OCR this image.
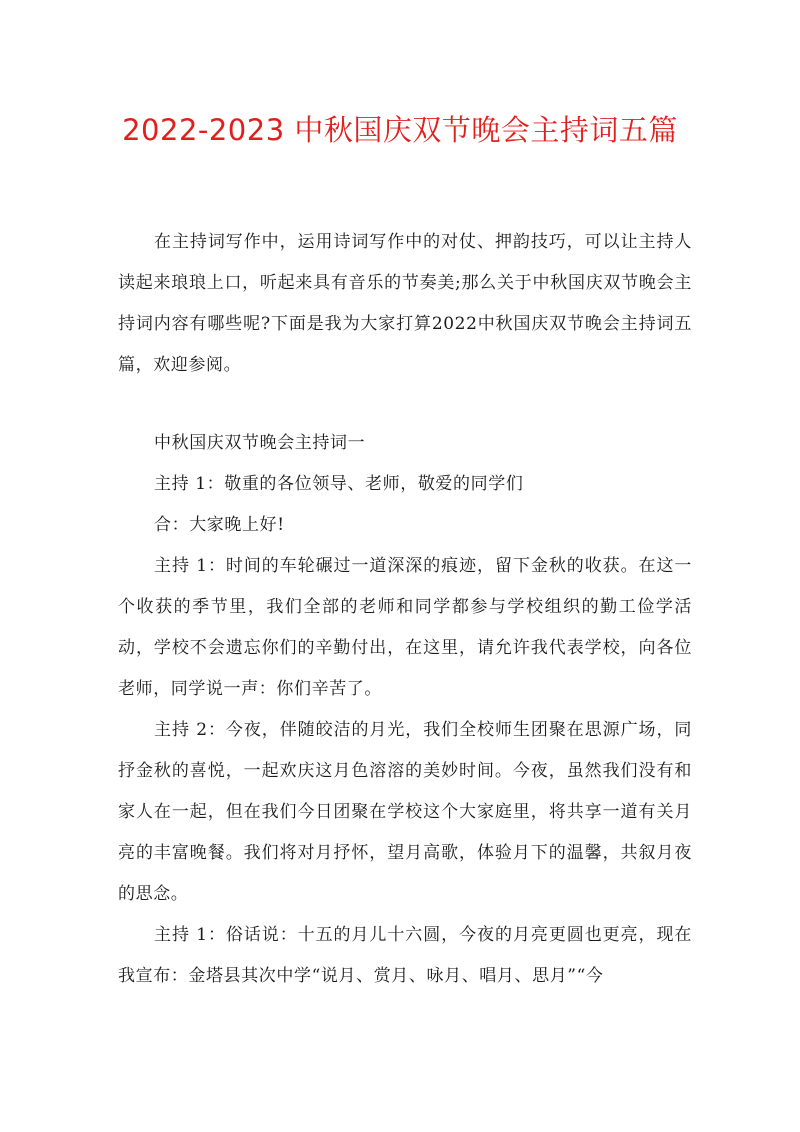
2022-2023 中秋国庆双节晚会主持词五篇

在主持词写作中，运用诗词写作中的对仗、押韵技巧，可以让主持人读起来琅琅上口，听起来具有音乐的节奏美;那么关于中秋国庆双节晚会主持词内容有哪些呢?下面是我为大家打算2022中秋国庆双节晚会主持词五篇，欢迎参阅。

中秋国庆双节晚会主持词一

主持 1：敬重的各位领导、老师，敬爱的同学们

合：大家晚上好!

主持 1：时间的车轮碾过一道深深的痕迹，留下金秋的收获。在这一个收获的季节里，我们全部的老师和同学都参与学校组织的勤工俭学活动，学校不会遗忘你们的辛勤付出，在这里，请允许我代表学校，向各位老师，同学说一声：你们辛苦了。

主持 2：今夜，伴随皎洁的月光，我们全校师生团聚在思源广场，同抒金秋的喜悦，一起欢庆这月色溶溶的美妙时间。今夜，虽然我们没有和家人在一起，但在我们今日团聚在学校这个大家庭里，将共享一道有关月亮的丰富晚餐。我们将对月抒怀，望月高歌，体验月下的温馨，共叙月夜的思念。

主持 1：俗话说：十五的月儿十六圆，今夜的月亮更圆也更亮，现在我宣布：金塔县其次中学“说月、赏月、咏月、唱月、思月”“今
